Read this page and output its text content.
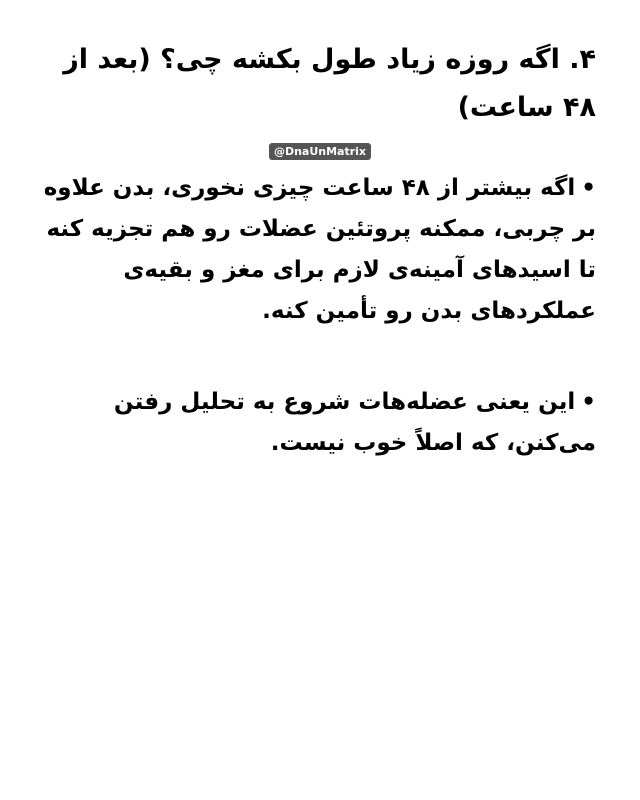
۴. اگه روزه زیاد طول بکشه چی؟ (بعد از ۴۸ ساعت)
@DnaUnMatrix

•اگه بیشتر از ۴۸ ساعت چیزی نخوری، بدن علاوه بر چربی، ممکنه پروتئین عضلات رو هم تجزیه کنه تا اسیدهای آمینه‌ی لازم برای مغز و بقیه‌ی عملکردهای بدن رو تأمین کنه.

•این یعنی عضله‌هات شروع به تحلیل رفتن می‌کنن، که اصلاً خوب نیست.
